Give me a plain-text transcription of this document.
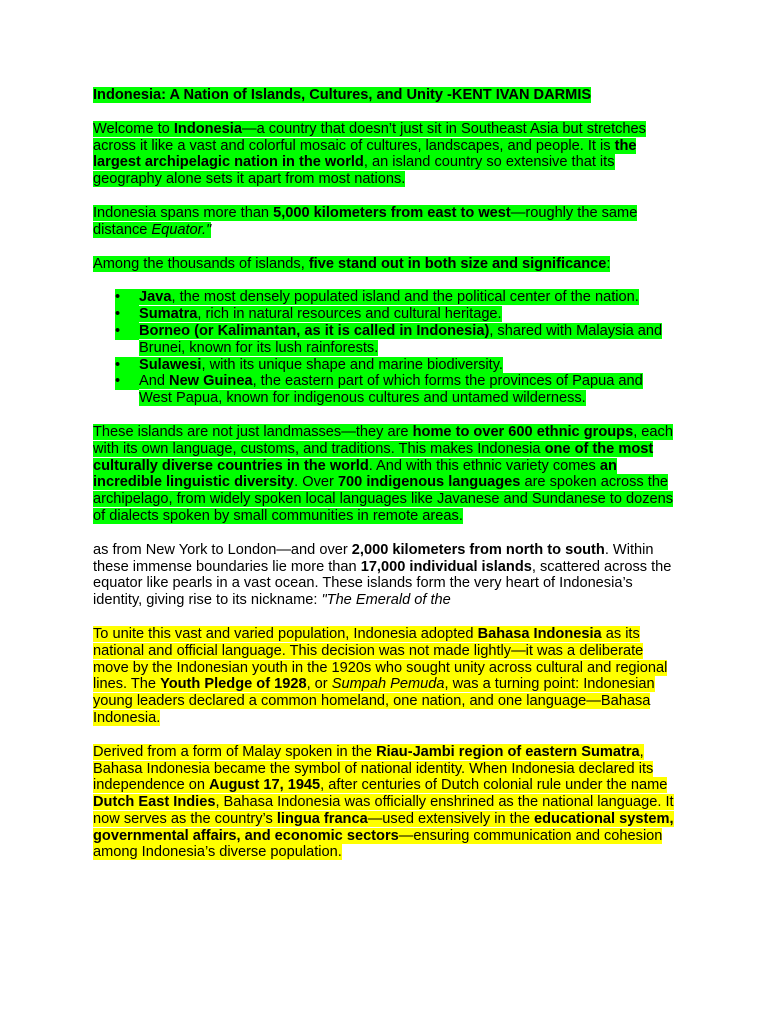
Indonesia: A Nation of Islands, Cultures, and Unity -KENT IVAN DARMIS

Welcome to Indonesia—a country that doesn’t just sit in Southeast Asia but stretches across it like a vast and colorful mosaic of cultures, landscapes, and people. It is the largest archipelagic nation in the world, an island country so extensive that its geography alone sets it apart from most nations.

Indonesia spans more than 5,000 kilometers from east to west—roughly the same distance Equator."

Among the thousands of islands, five stand out in both size and significance:

•	Java, the most densely populated island and the political center of the nation.
•	Sumatra, rich in natural resources and cultural heritage.
•	Borneo (or Kalimantan, as it is called in Indonesia), shared with Malaysia and Brunei, known for its lush rainforests.
•	Sulawesi, with its unique shape and marine biodiversity.
•	And New Guinea, the eastern part of which forms the provinces of Papua and West Papua, known for indigenous cultures and untamed wilderness.

These islands are not just landmasses—they are home to over 600 ethnic groups, each with its own language, customs, and traditions. This makes Indonesia one of the most culturally diverse countries in the world. And with this ethnic variety comes an incredible linguistic diversity. Over 700 indigenous languages are spoken across the archipelago, from widely spoken local languages like Javanese and Sundanese to dozens of dialects spoken by small communities in remote areas.

as from New York to London—and over 2,000 kilometers from north to south. Within these immense boundaries lie more than 17,000 individual islands, scattered across the equator like pearls in a vast ocean. These islands form the very heart of Indonesia’s identity, giving rise to its nickname: "The Emerald of the

To unite this vast and varied population, Indonesia adopted Bahasa Indonesia as its national and official language. This decision was not made lightly—it was a deliberate move by the Indonesian youth in the 1920s who sought unity across cultural and regional lines. The Youth Pledge of 1928, or Sumpah Pemuda, was a turning point: Indonesian young leaders declared a common homeland, one nation, and one language—Bahasa Indonesia.

Derived from a form of Malay spoken in the Riau-Jambi region of eastern Sumatra, Bahasa Indonesia became the symbol of national identity. When Indonesia declared its independence on August 17, 1945, after centuries of Dutch colonial rule under the name Dutch East Indies, Bahasa Indonesia was officially enshrined as the national language. It now serves as the country’s lingua franca—used extensively in the educational system, governmental affairs, and economic sectors—ensuring communication and cohesion among Indonesia’s diverse population.
